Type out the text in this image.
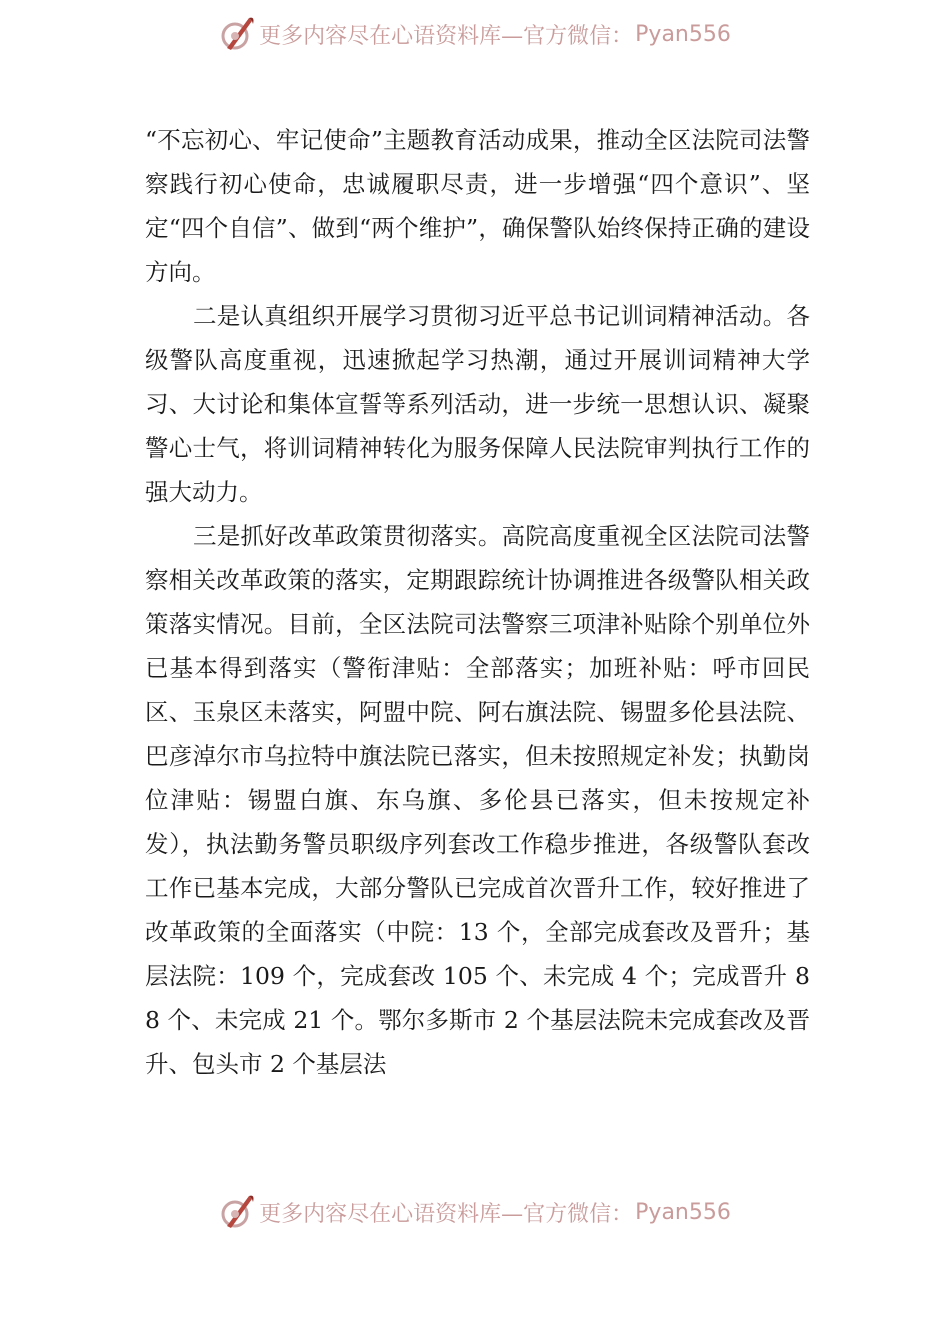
更多内容尽在心语资料库—官方微信： Pyan556

“不忘初心、牢记使命”主题教育活动成果，推动全区法院司法警察践行初心使命，忠诚履职尽责，进一步增强“四个意识”、坚定“四个自信”、做到“两个维护”，确保警队始终保持正确的建设方向。

二是认真组织开展学习贯彻习近平总书记训词精神活动。各级警队高度重视，迅速掀起学习热潮，通过开展训词精神大学习、大讨论和集体宣誓等系列活动，进一步统一思想认识、凝聚警心士气，将训词精神转化为服务保障人民法院审判执行工作的强大动力。

三是抓好改革政策贯彻落实。高院高度重视全区法院司法警察相关改革政策的落实，定期跟踪统计协调推进各级警队相关政策落实情况。目前，全区法院司法警察三项津补贴除个别单位外已基本得到落实（警衔津贴：全部落实；加班补贴：呼市回民区、玉泉区未落实，阿盟中院、阿右旗法院、锡盟多伦县法院、巴彦淖尔市乌拉特中旗法院已落实，但未按照规定补发；执勤岗位津贴：锡盟白旗、东乌旗、多伦县已落实，但未按规定补发），执法勤务警员职级序列套改工作稳步推进，各级警队套改工作已基本完成，大部分警队已完成首次晋升工作，较好推进了改革政策的全面落实（中院：13 个，全部完成套改及晋升；基层法院：109 个，完成套改 105 个、未完成 4 个；完成晋升 88 个、未完成 21 个。鄂尔多斯市 2 个基层法院未完成套改及晋升、包头市 2 个基层法

更多内容尽在心语资料库—官方微信： Pyan556
